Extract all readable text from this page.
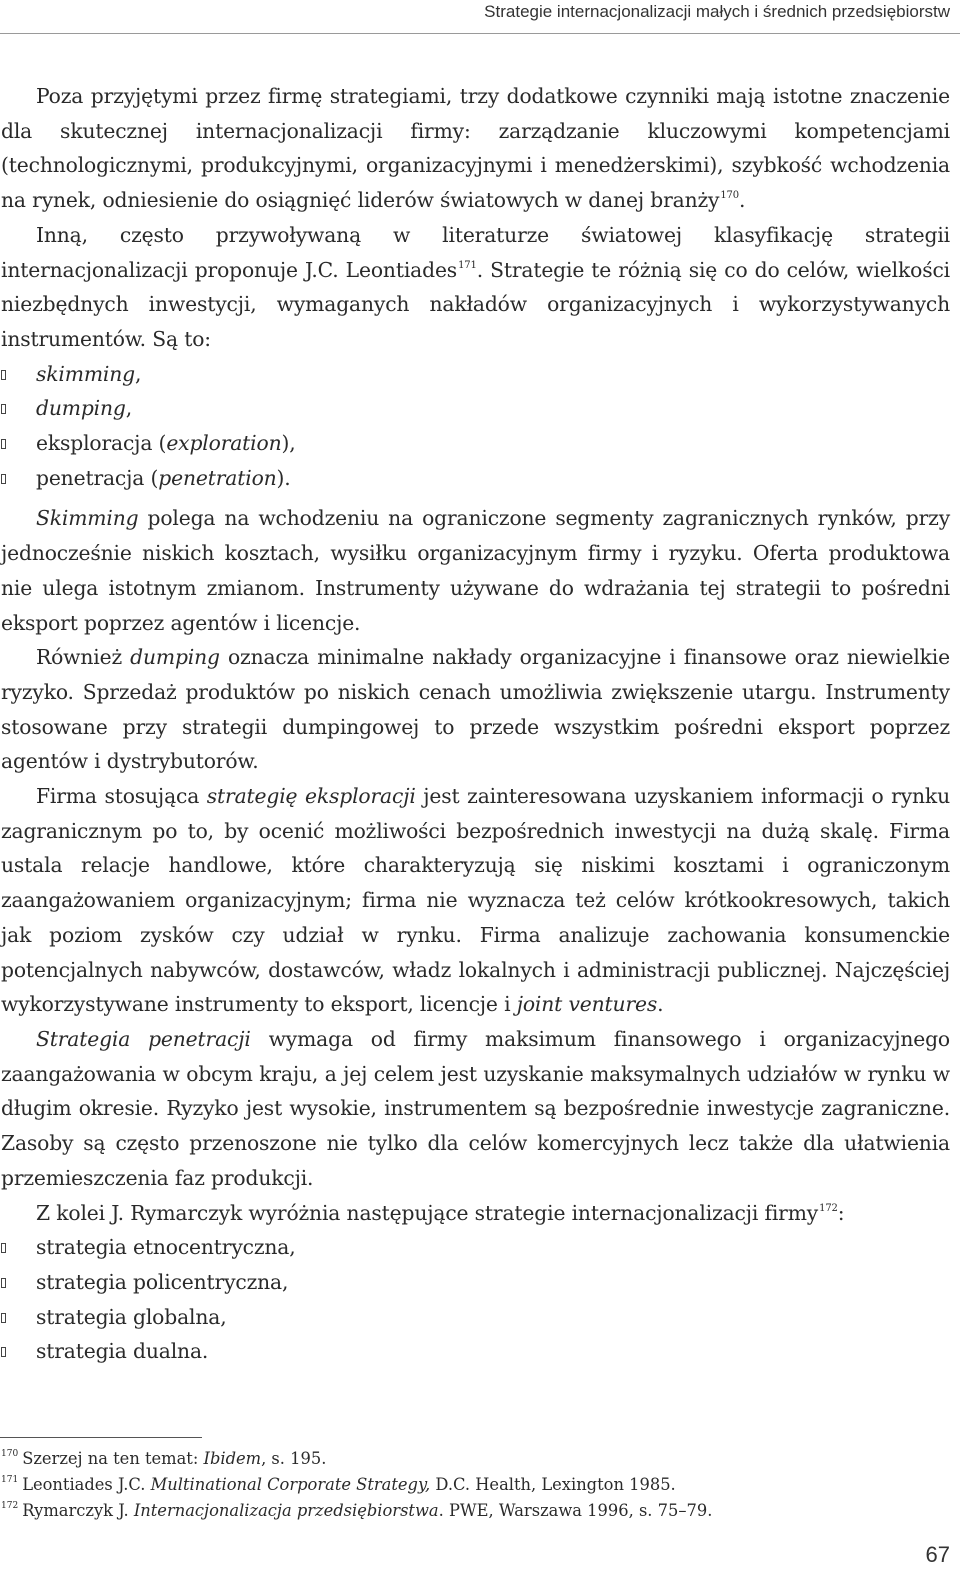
Strategie internacjonalizacji małych i średnich przedsiębiorstw

Poza przyjętymi przez firmę strategiami, trzy dodatkowe czynniki mają istotne znaczenie dla skutecznej internacjonalizacji firmy: zarządzanie kluczowymi kompetencjami (technologicznymi, produkcyjnymi, organizacyjnymi i menedżerskimi), szybkość wchodzenia na rynek, odniesienie do osiągnięć liderów światowych w danej branży$^{170}$.

Inną, często przywoływaną w literaturze światowej klasyfikację strategii internacjonalizacji proponuje J.C. Leontiades$^{171}$. Strategie te różnią się co do celów, wielkości niezbędnych inwestycji, wymaganych nakładów organizacyjnych i wykorzystywanych instrumentów. Są to:

skimming,
dumping,
eksploracja (exploration),
penetracja (penetration).

Skimming polega na wchodzeniu na ograniczone segmenty zagranicznych rynków, przy jednocześnie niskich kosztach, wysiłku organizacyjnym firmy i ryzyku. Oferta produktowa nie ulega istotnym zmianom. Instrumenty używane do wdrażania tej strategii to pośredni eksport poprzez agentów i licencje.

Również dumping oznacza minimalne nakłady organizacyjne i finansowe oraz niewielkie ryzyko. Sprzedaż produktów po niskich cenach umożliwia zwiększenie utargu. Instrumenty stosowane przy strategii dumpingowej to przede wszystkim pośredni eksport poprzez agentów i dystrybutorów.

Firma stosująca strategię eksploracji jest zainteresowana uzyskaniem informacji o rynku zagranicznym po to, by ocenić możliwości bezpośrednich inwestycji na dużą skalę. Firma ustala relacje handlowe, które charakteryzują się niskimi kosztami i ograniczonym zaangażowaniem organizacyjnym; firma nie wyznacza też celów krótkookresowych, takich jak poziom zysków czy udział w rynku. Firma analizuje zachowania konsumenckie potencjalnych nabywców, dostawców, władz lokalnych i administracji publicznej. Najczęściej wykorzystywane instrumenty to eksport, licencje i joint ventures.

Strategia penetracji wymaga od firmy maksimum finansowego i organizacyjnego zaangażowania w obcym kraju, a jej celem jest uzyskanie maksymalnych udziałów w rynku w długim okresie. Ryzyko jest wysokie, instrumentem są bezpośrednie inwestycje zagraniczne. Zasoby są często przenoszone nie tylko dla celów komercyjnych lecz także dla ułatwienia przemieszczenia faz produkcji.

Z kolei J. Rymarczyk wyróżnia następujące strategie internacjonalizacji firmy$^{172}$:

strategia etnocentryczna,
strategia policentryczna,
strategia globalna,
strategia dualna.
$^{170}$ Szerzej na ten temat: Ibidem, s. 195.
$^{171}$ Leontiades J.C. Multinational Corporate Strategy, D.C. Health, Lexington 1985.
$^{172}$ Rymarczyk J. Internacjonalizacja przedsiębiorstwa. PWE, Warszawa 1996, s. 75–79.
67
